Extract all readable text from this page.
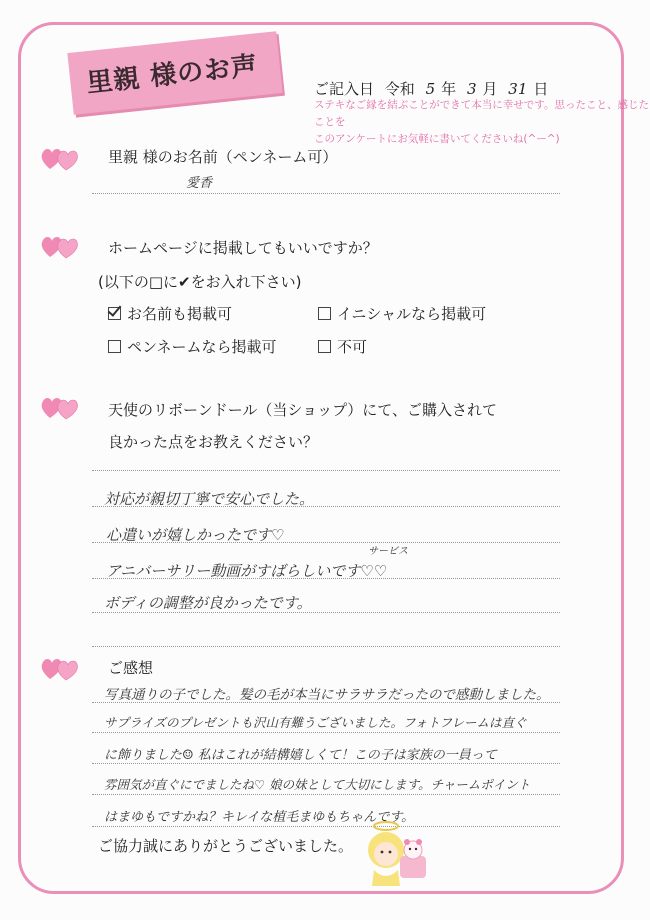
里親 様のお声	ご記入日 令和 5 年 3 月 31 日
ステキなご縁を結ぶことができて本当に幸せです。思ったこと、感じたことを
このアンケートにお気軽に書いてくださいね(^ー^)
里親 様のお名前（ペンネーム可）
愛香
ホームページに掲載してもいいですか？
(以下の□に✔をお入れ下さい)
お名前も掲載可	イニシャルなら掲載可
ペンネームなら掲載可	不可
天使のリボーンドール（当ショップ）にて、ご購入されて
良かった点をお教えください？
対応が親切丁寧で安心でした。
心遣いが嬉しかったです♡
サービス
アニバーサリー動画がすばらしいです♡♡
ボディの調整が良かったです。
ご感想
写真通りの子でした。髪の毛が本当にサラサラだったので感動しました。
サプライズのプレゼントも沢山有難うございました。フォトフレームは直ぐ
に飾りました☺ 私はこれが結構嬉しくて！この子は家族の一員って
雰囲気が直ぐにでましたね♡ 娘の妹として大切にします。チャームポイント
はまゆもですかね？キレイな植毛まゆもちゃんです。
ご協力誠にありがとうございました。
